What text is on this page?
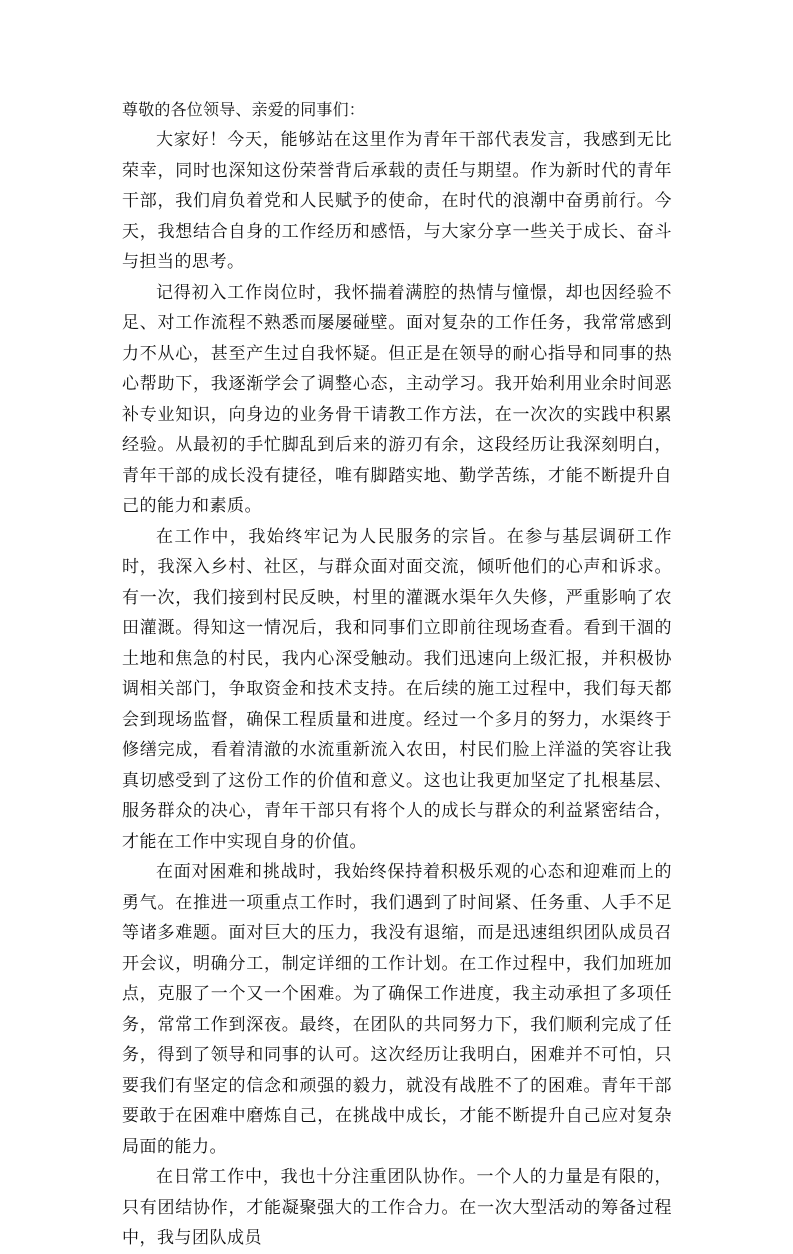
尊敬的各位领导、亲爱的同事们：

大家好！今天，能够站在这里作为青年干部代表发言，我感到无比荣幸，同时也深知这份荣誉背后承载的责任与期望。作为新时代的青年干部，我们肩负着党和人民赋予的使命，在时代的浪潮中奋勇前行。今天，我想结合自身的工作经历和感悟，与大家分享一些关于成长、奋斗与担当的思考。

记得初入工作岗位时，我怀揣着满腔的热情与憧憬，却也因经验不足、对工作流程不熟悉而屡屡碰壁。面对复杂的工作任务，我常常感到力不从心，甚至产生过自我怀疑。但正是在领导的耐心指导和同事的热心帮助下，我逐渐学会了调整心态，主动学习。我开始利用业余时间恶补专业知识，向身边的业务骨干请教工作方法，在一次次的实践中积累经验。从最初的手忙脚乱到后来的游刃有余，这段经历让我深刻明白，青年干部的成长没有捷径，唯有脚踏实地、勤学苦练，才能不断提升自己的能力和素质。

在工作中，我始终牢记为人民服务的宗旨。在参与基层调研工作时，我深入乡村、社区，与群众面对面交流，倾听他们的心声和诉求。有一次，我们接到村民反映，村里的灌溉水渠年久失修，严重影响了农田灌溉。得知这一情况后，我和同事们立即前往现场查看。看到干涸的土地和焦急的村民，我内心深受触动。我们迅速向上级汇报，并积极协调相关部门，争取资金和技术支持。在后续的施工过程中，我们每天都会到现场监督，确保工程质量和进度。经过一个多月的努力，水渠终于修缮完成，看着清澈的水流重新流入农田，村民们脸上洋溢的笑容让我真切感受到了这份工作的价值和意义。这也让我更加坚定了扎根基层、服务群众的决心，青年干部只有将个人的成长与群众的利益紧密结合，才能在工作中实现自身的价值。

在面对困难和挑战时，我始终保持着积极乐观的心态和迎难而上的勇气。在推进一项重点工作时，我们遇到了时间紧、任务重、人手不足等诸多难题。面对巨大的压力，我没有退缩，而是迅速组织团队成员召开会议，明确分工，制定详细的工作计划。在工作过程中，我们加班加点，克服了一个又一个困难。为了确保工作进度，我主动承担了多项任务，常常工作到深夜。最终，在团队的共同努力下，我们顺利完成了任务，得到了领导和同事的认可。这次经历让我明白，困难并不可怕，只要我们有坚定的信念和顽强的毅力，就没有战胜不了的困难。青年干部要敢于在困难中磨炼自己，在挑战中成长，才能不断提升自己应对复杂局面的能力。

在日常工作中，我也十分注重团队协作。一个人的力量是有限的，只有团结协作，才能凝聚强大的工作合力。在一次大型活动的筹备过程中，我与团队成员
